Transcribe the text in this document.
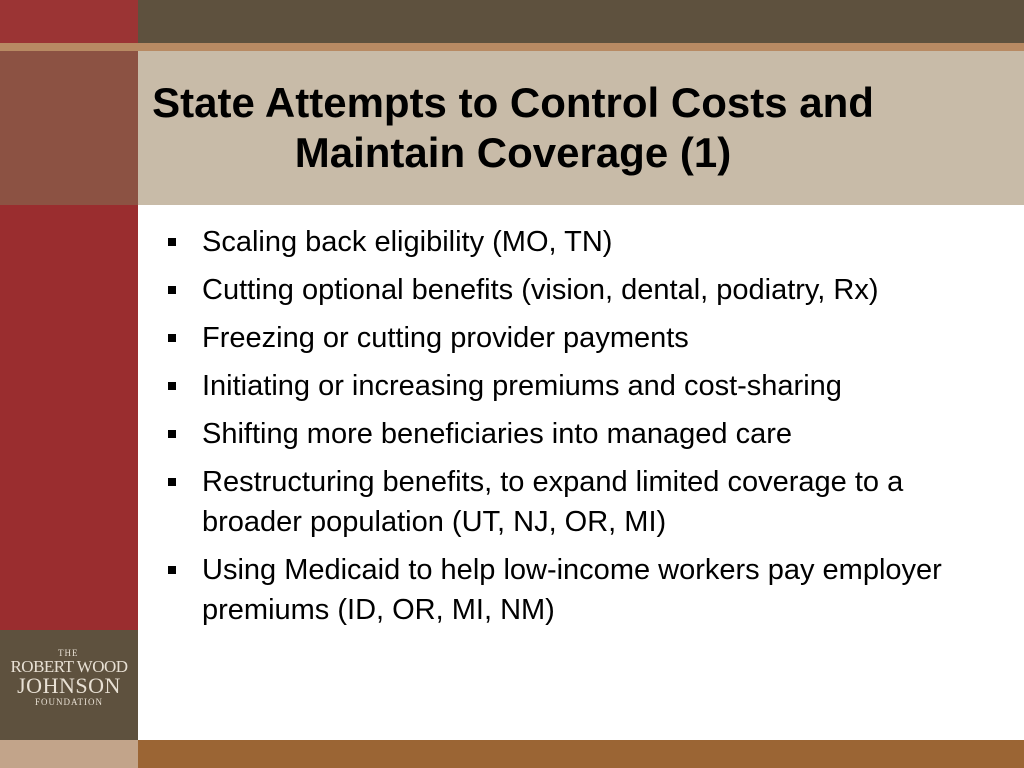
State Attempts to Control Costs and
Maintain Coverage (1)
Scaling back eligibility (MO, TN)
Cutting optional benefits (vision, dental, podiatry, Rx)
Freezing or cutting provider payments
Initiating or increasing premiums and cost-sharing
Shifting more beneficiaries into managed care
Restructuring benefits, to expand limited coverage to a broader population (UT, NJ, OR, MI)
Using Medicaid to help low-income workers pay employer premiums (ID, OR, MI, NM)
THE
ROBERT WOOD
JOHNSON
FOUNDATION
